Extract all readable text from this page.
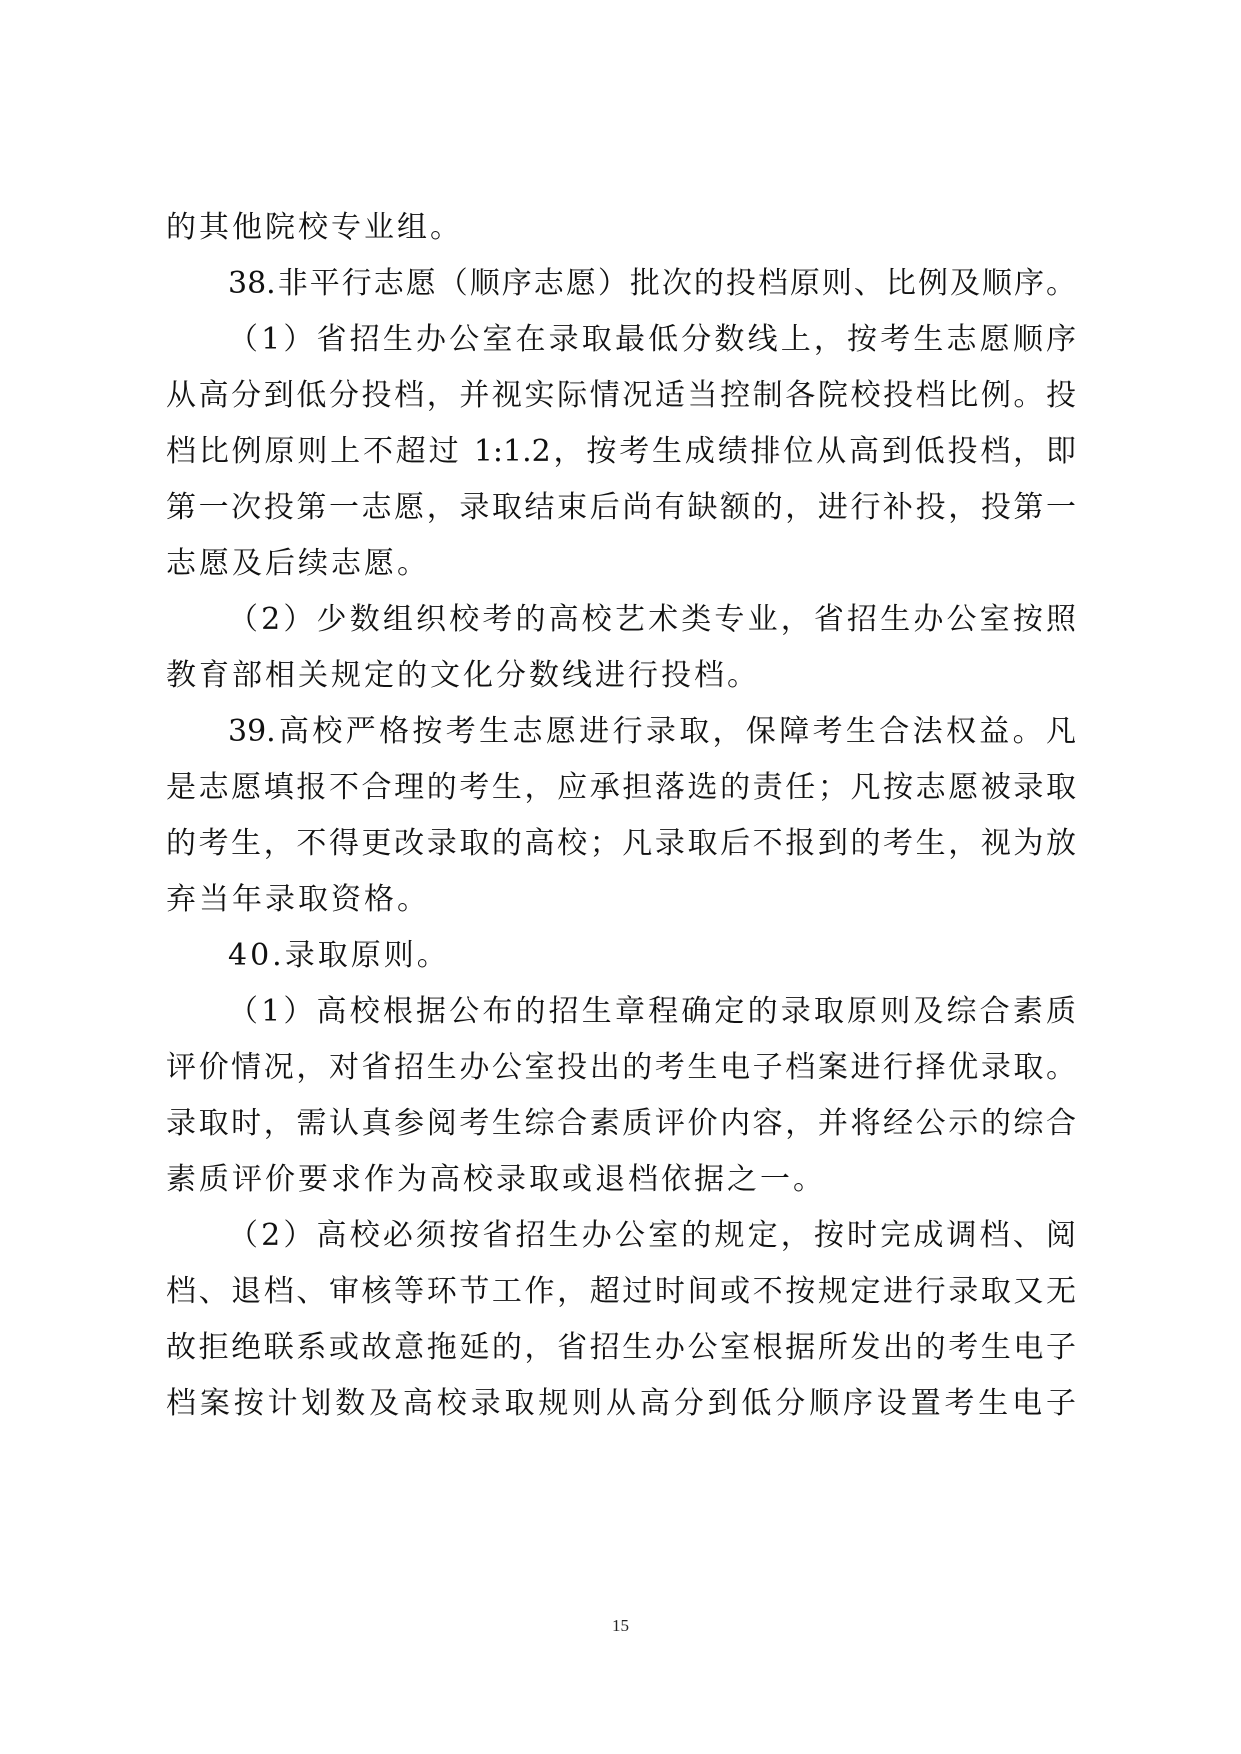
的其他院校专业组。
38.非平行志愿（顺序志愿）批次的投档原则、比例及顺序。
（1）省招生办公室在录取最低分数线上，按考生志愿顺序
从高分到低分投档，并视实际情况适当控制各院校投档比例。投
档比例原则上不超过 1:1.2，按考生成绩排位从高到低投档，即
第一次投第一志愿，录取结束后尚有缺额的，进行补投，投第一
志愿及后续志愿。
（2）少数组织校考的高校艺术类专业，省招生办公室按照
教育部相关规定的文化分数线进行投档。
39.高校严格按考生志愿进行录取，保障考生合法权益。凡
是志愿填报不合理的考生，应承担落选的责任；凡按志愿被录取
的考生，不得更改录取的高校；凡录取后不报到的考生，视为放
弃当年录取资格。
40.录取原则。
（1）高校根据公布的招生章程确定的录取原则及综合素质
评价情况，对省招生办公室投出的考生电子档案进行择优录取。
录取时，需认真参阅考生综合素质评价内容，并将经公示的综合
素质评价要求作为高校录取或退档依据之一。
（2）高校必须按省招生办公室的规定，按时完成调档、阅
档、退档、审核等环节工作，超过时间或不按规定进行录取又无
故拒绝联系或故意拖延的，省招生办公室根据所发出的考生电子
档案按计划数及高校录取规则从高分到低分顺序设置考生电子
15
